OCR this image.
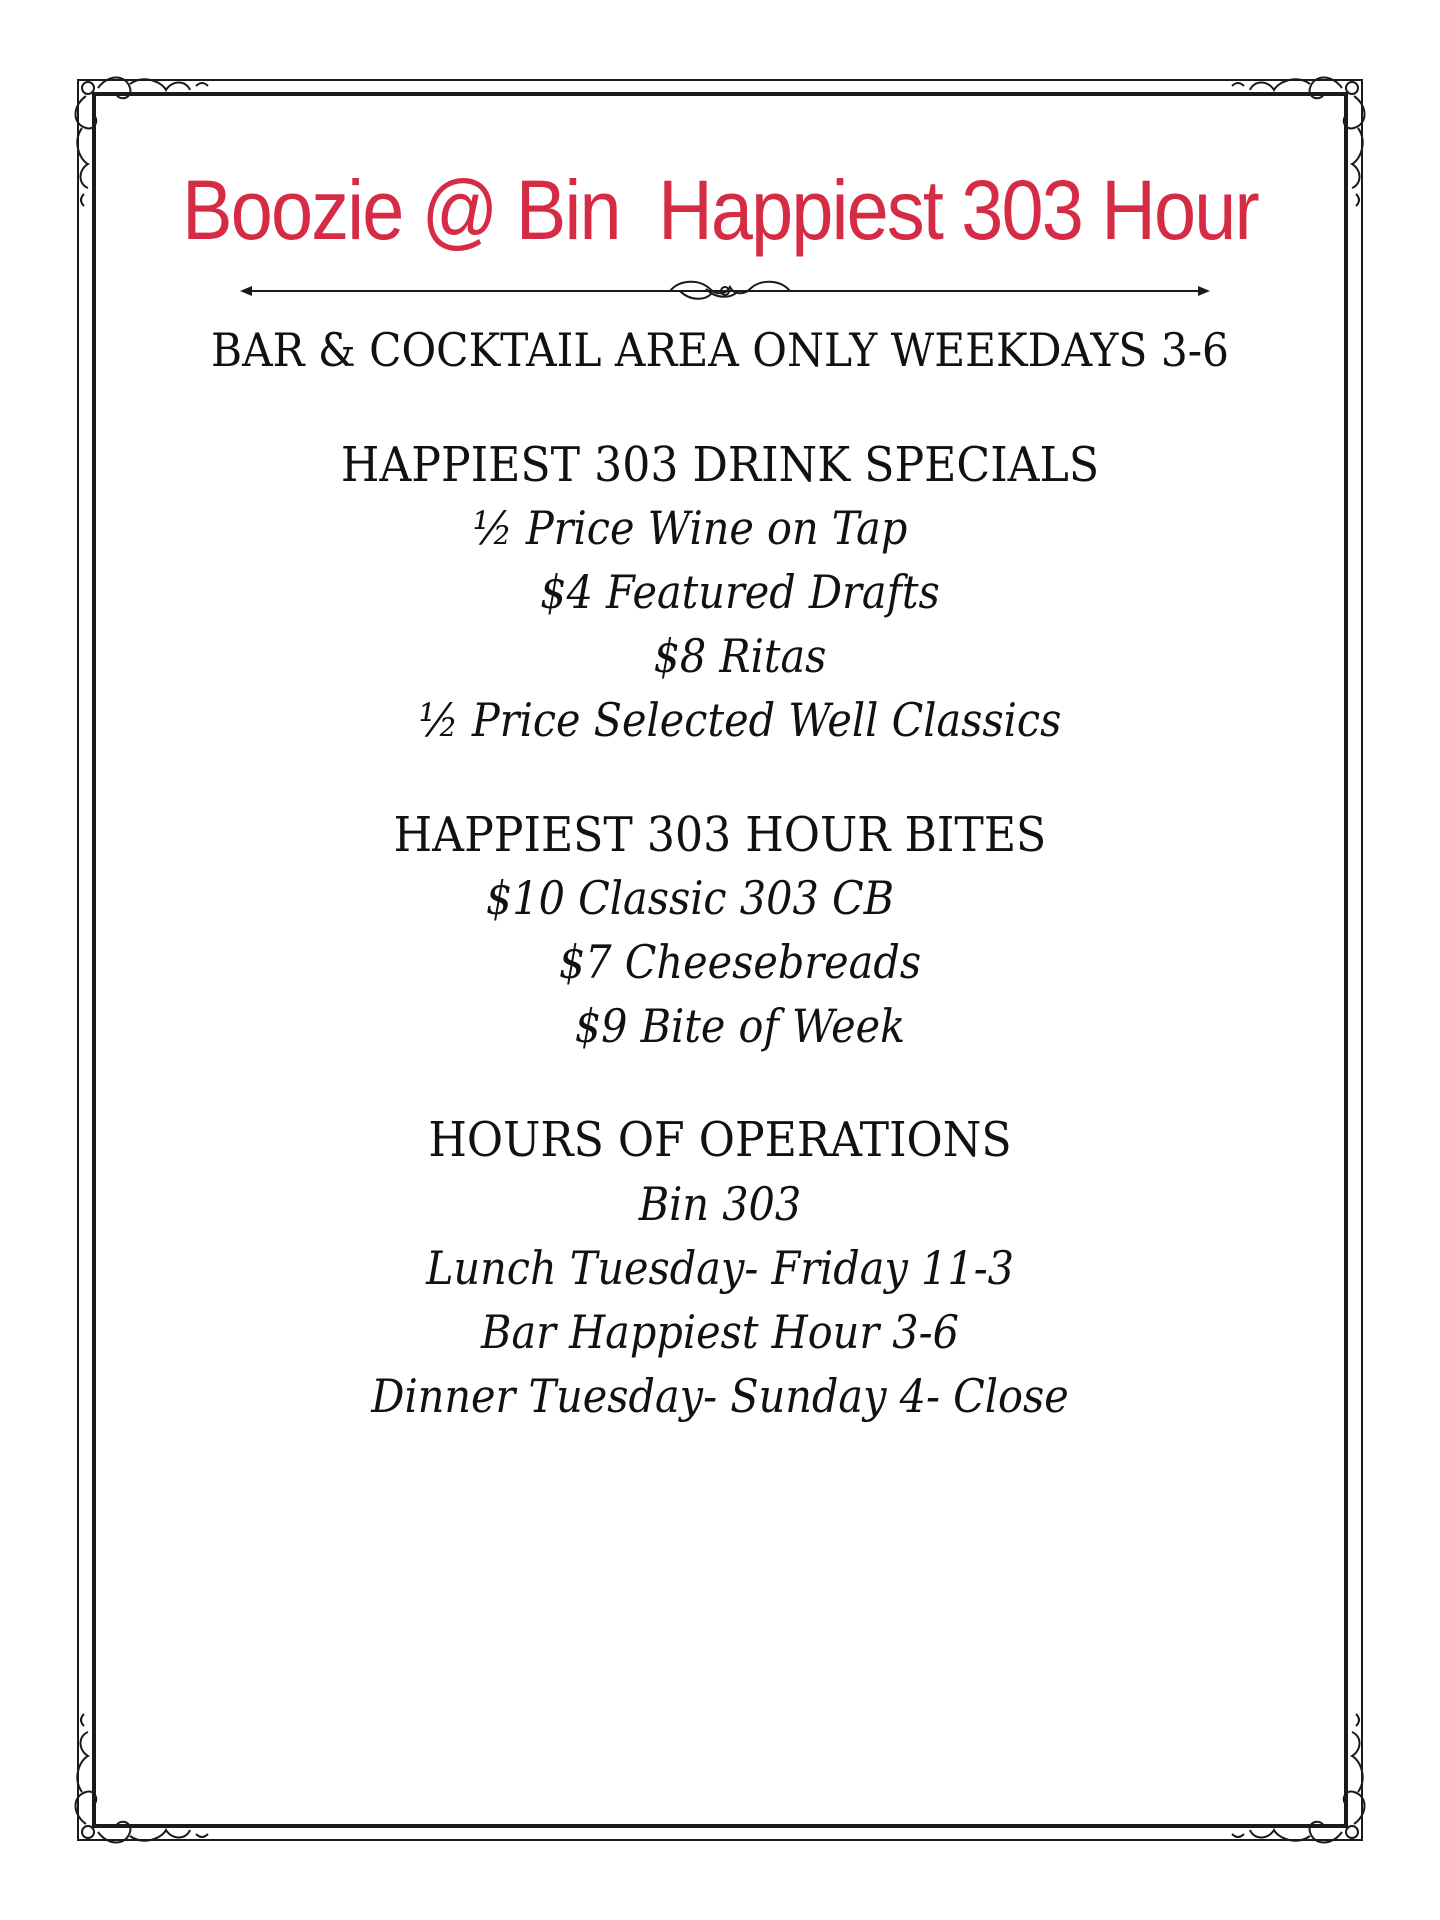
Boozie @ Bin  Happiest 303 Hour

BAR & COCKTAIL AREA ONLY WEEKDAYS 3-6

HAPPIEST 303 DRINK SPECIALS

½ Price Wine on Tap

$4 Featured Drafts

$8 Ritas

½ Price Selected Well Classics

HAPPIEST 303 HOUR BITES

$10 Classic 303 CB

$7 Cheesebreads

$9 Bite of Week

HOURS OF OPERATIONS

Bin 303

Lunch Tuesday- Friday 11-3

Bar Happiest Hour 3-6

Dinner Tuesday- Sunday 4- Close
